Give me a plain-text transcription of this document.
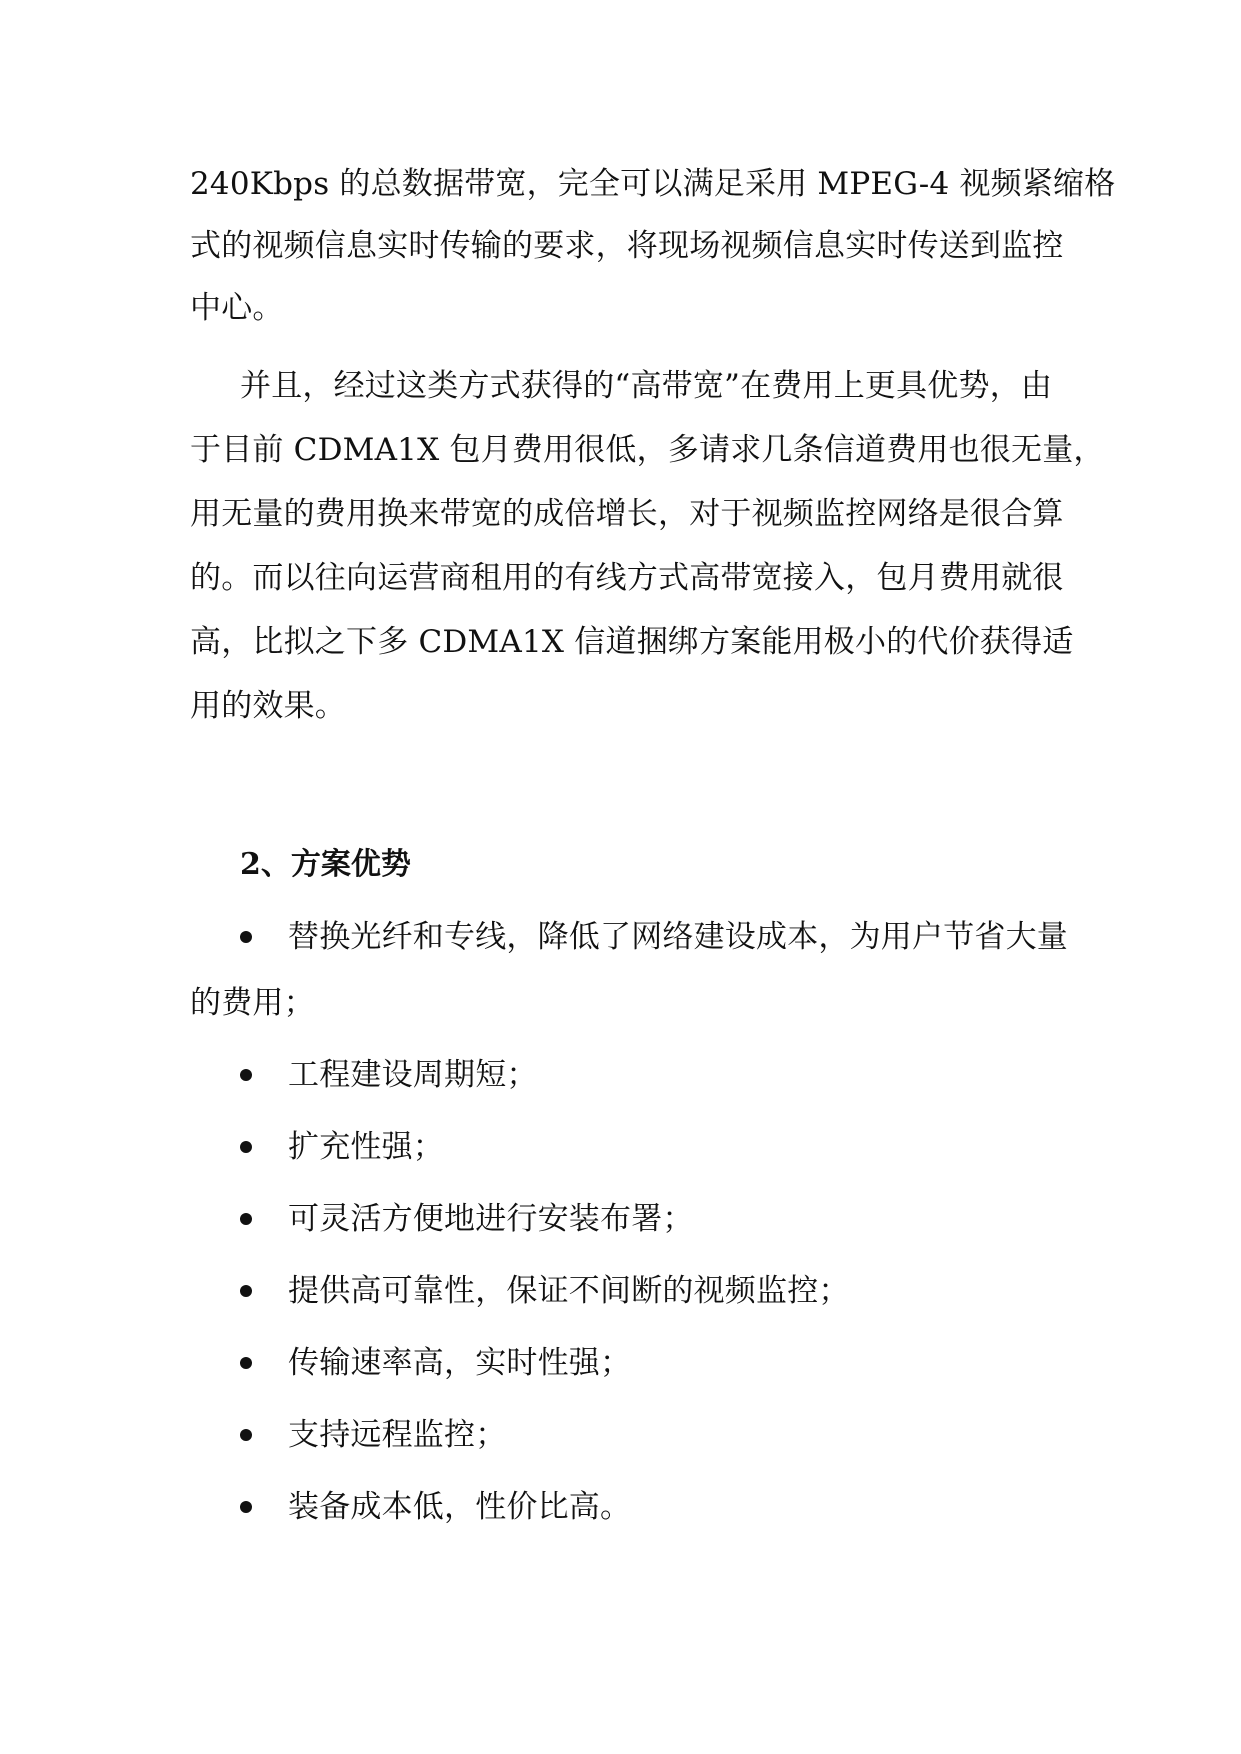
240Kbps 的总数据带宽，完全可以满足采用 MPEG-4 视频紧缩格
式的视频信息实时传输的要求，将现场视频信息实时传送到监控
中心。
并且，经过这类方式获得的“高带宽”在费用上更具优势，由
于目前 CDMA1X 包月费用很低，多请求几条信道费用也很无量，
用无量的费用换来带宽的成倍增长，对于视频监控网络是很合算
的。而以往向运营商租用的有线方式高带宽接入，包月费用就很
高，比拟之下多 CDMA1X 信道捆绑方案能用极小的代价获得适
用的效果。
2、方案优势
替换光纤和专线，降低了网络建设成本，为用户节省大量
的费用；
工程建设周期短；
扩充性强；
可灵活方便地进行安装布署；
提供高可靠性，保证不间断的视频监控；
传输速率高，实时性强；
支持远程监控；
装备成本低，性价比高。
